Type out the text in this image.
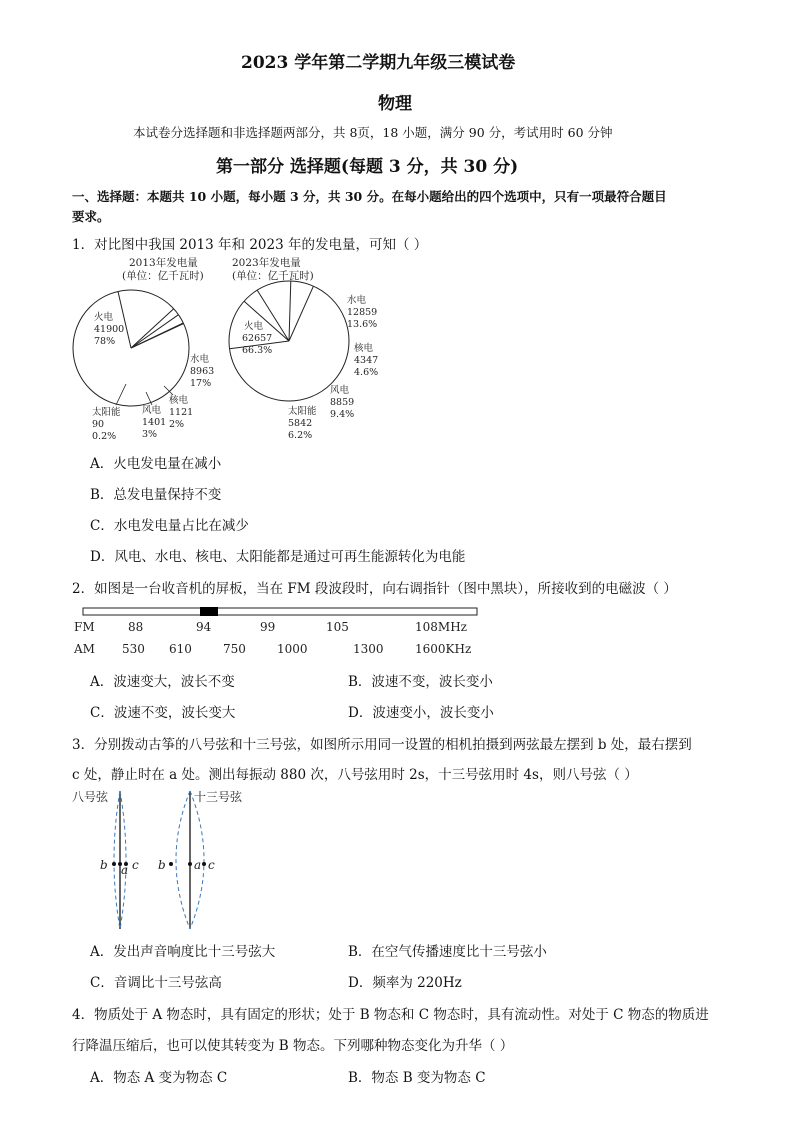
2023 学年第二学期九年级三模试卷
物理
本试卷分选择题和非选择题两部分，共 8页，18 小题，满分 90 分，考试用时 60 分钟
第一部分 选择题(每题 3 分，共 30 分)
一、选择题：本题共 10 小题，每小题 3 分，共 30 分。在每小题给出的四个选项中，只有一项最符合题目
要求。
1．对比图中我国 2013 年和 2023 年的发电量，可知（ ）
2013年发电量
(单位：亿千瓦时)
火电
41900
78%
水电
8963
17%
核电
1121
2%
风电
1401
3%
太阳能
90
0.2%
2023年发电量
(单位：亿千瓦时)
火电
62657
66.3%
水电
12859
13.6%
核电
4347
4.6%
风电
8859
9.4%
太阳能
5842
6.2%
A．火电发电量在减小
B．总发电量保持不变
C．水电发电量占比在减少
D．风电、水电、核电、太阳能都是通过可再生能源转化为电能
2．如图是一台收音机的屏板，当在 FM 段波段时，向右调指针（图中黑块），所接收到的电磁波（ ）
FM	88	94	99	105	108MHz
AM 530 610	750	1000	1300	1600KHz
A．波速变大，波长不变	B．波速不变，波长变小
C．波速不变，波长变大	D．波速变小，波长变小
3．分别拨动古筝的八号弦和十三号弦，如图所示用同一设置的相机拍摄到两弦最左摆到 b 处，最右摆到
c 处，静止时在 a 处。测出每振动 880 次，八号弦用时 2s，十三号弦用时 4s，则八号弦（ ）
八号弦	十三号弦
b a c b a c
A．发出声音响度比十三号弦大	B．在空气传播速度比十三号弦小
C．音调比十三号弦高	D．频率为 220Hz
4．物质处于 A 物态时，具有固定的形状；处于 B 物态和 C 物态时，具有流动性。对处于 C 物态的物质进
行降温压缩后，也可以使其转变为 B 物态。下列哪种物态变化为升华（ ）
A．物态 A 变为物态 C	B．物态 B 变为物态 C
